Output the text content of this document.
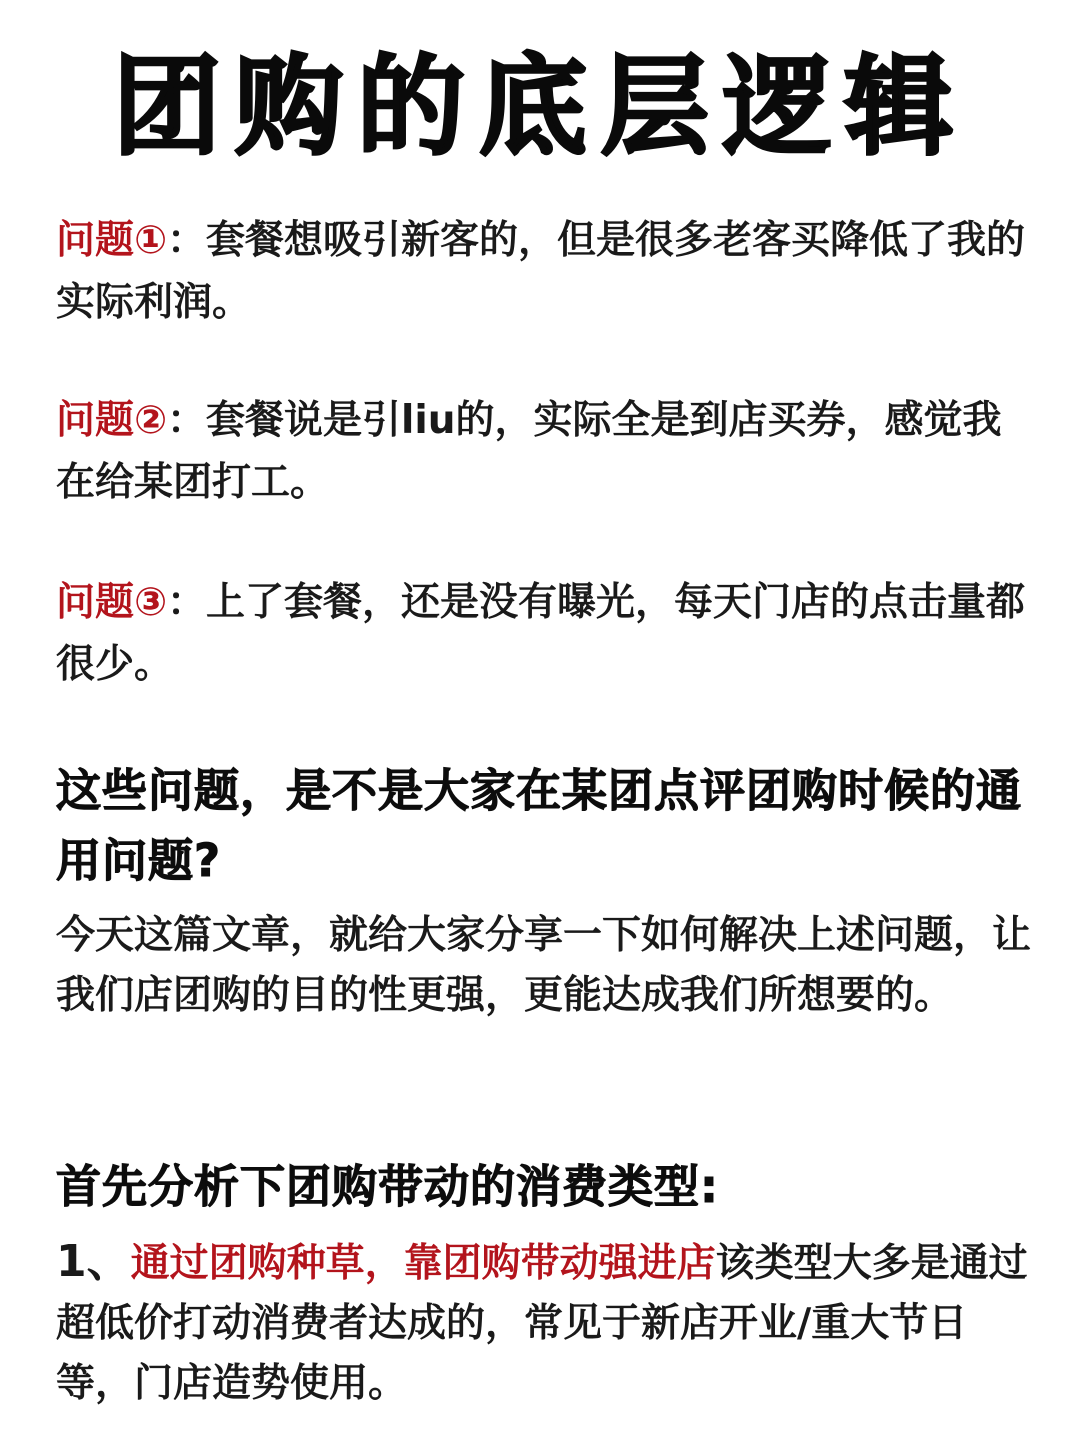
团购的底层逻辑
问题①：套餐想吸引新客的，但是很多老客买降低了我的实际利润。
问题②：套餐说是引liu的，实际全是到店买券，感觉我在给某团打工。
问题③：上了套餐，还是没有曝光，每天门店的点击量都很少。
这些问题，是不是大家在某团点评团购时候的通用问题?
今天这篇文章，就给大家分享一下如何解决上述问题，让我们店团购的目的性更强，更能达成我们所想要的。
首先分析下团购带动的消费类型:
1、通过团购种草，靠团购带动强进店该类型大多是通过超低价打动消费者达成的，常见于新店开业/重大节日等，门店造势使用。
